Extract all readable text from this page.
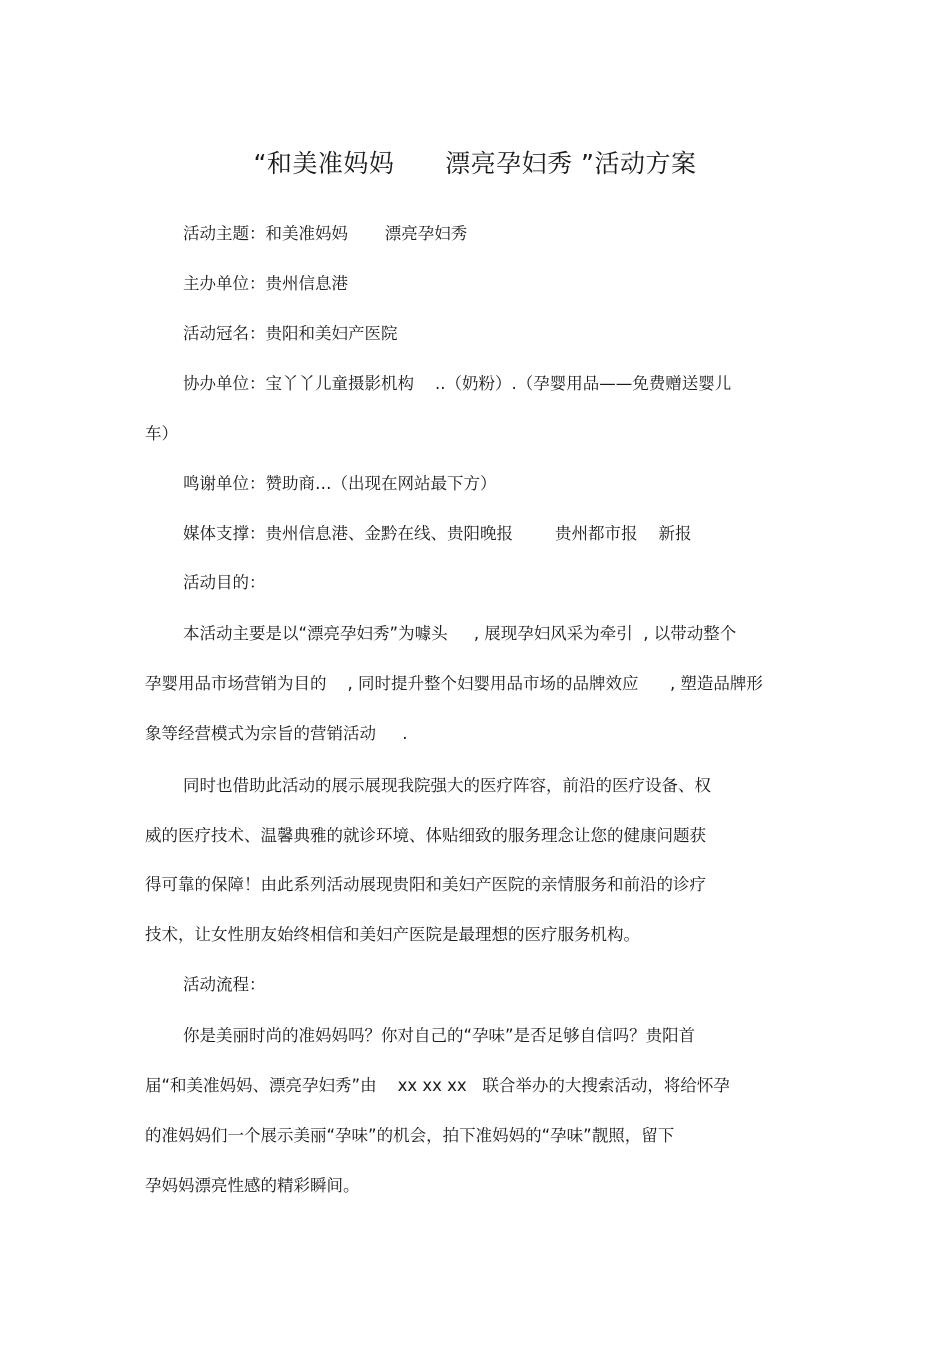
“和美准妈妈      漂亮孕妇秀 ”活动方案
活动主题：和美准妈妈       漂亮孕妇秀
主办单位：贵州信息港
活动冠名：贵阳和美妇产医院
协办单位：宝丫丫儿童摄影机构    ..（奶粉）.（孕婴用品——免费赠送婴儿
车）
鸣谢单位：赞助商…（出现在网站最下方）
媒体支撑：贵州信息港、金黔在线、贵阳晚报        贵州都市报    新报
活动目的：
本活动主要是以“漂亮孕妇秀”为噱头     , 展现孕妇风采为牵引  , 以带动整个
孕婴用品市场营销为目的    , 同时提升整个妇婴用品市场的品牌效应      , 塑造品牌形
象等经营模式为宗旨的营销活动     .
同时也借助此活动的展示展现我院强大的医疗阵容，前沿的医疗设备、权
威的医疗技术、温馨典雅的就诊环境、体贴细致的服务理念让您的健康问题获
得可靠的保障！由此系列活动展现贵阳和美妇产医院的亲情服务和前沿的诊疗
技术，让女性朋友始终相信和美妇产医院是最理想的医疗服务机构。
活动流程：
你是美丽时尚的准妈妈吗？你对自己的“孕味”是否足够自信吗？贵阳首
届“和美准妈妈、漂亮孕妇秀”由    xx xx xx   联合举办的大搜索活动，将给怀孕
的准妈妈们一个展示美丽“孕味”的机会，拍下准妈妈的“孕味”靓照，留下
孕妈妈漂亮性感的精彩瞬间。
